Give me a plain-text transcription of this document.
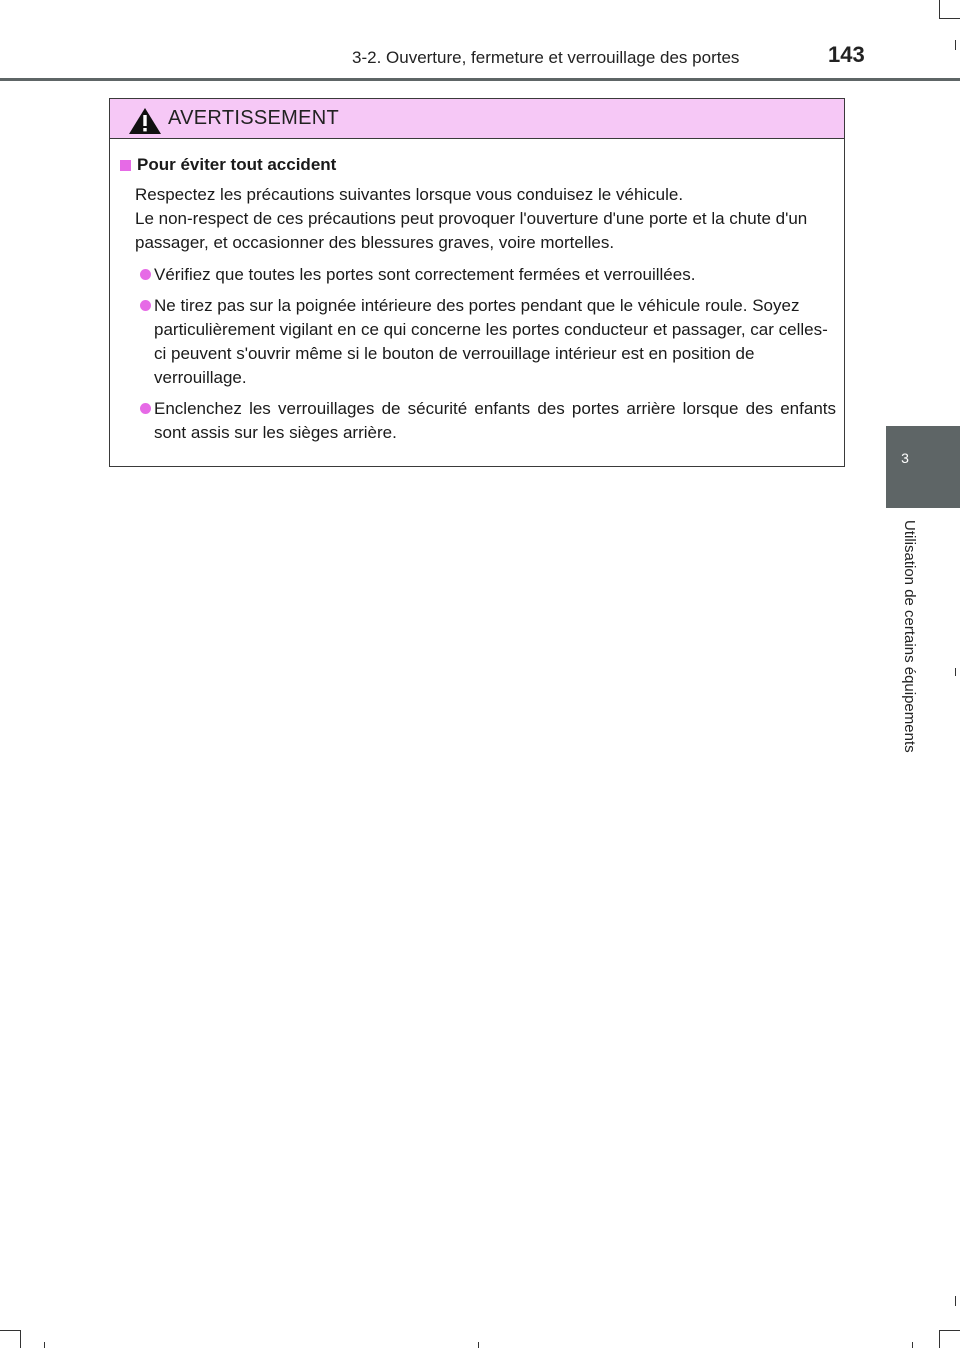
3-2. Ouverture, fermeture et verrouillage des portes	143
3
Utilisation de certains équipements
AVERTISSEMENT
Pour éviter tout accident
Respectez les précautions suivantes lorsque vous conduisez le véhicule.
Le non-respect de ces précautions peut provoquer l'ouverture d'une porte et la chute d'un passager, et occasionner des blessures graves, voire mortelles.
Vérifiez que toutes les portes sont correctement fermées et verrouillées.
Ne tirez pas sur la poignée intérieure des portes pendant que le véhicule roule. Soyez particulièrement vigilant en ce qui concerne les portes conducteur et passager, car celles-ci peuvent s'ouvrir même si le bouton de verrouillage intérieur est en position de verrouillage.
Enclenchez les verrouillages de sécurité enfants des portes arrière lorsque des enfants sont assis sur les sièges arrière.
